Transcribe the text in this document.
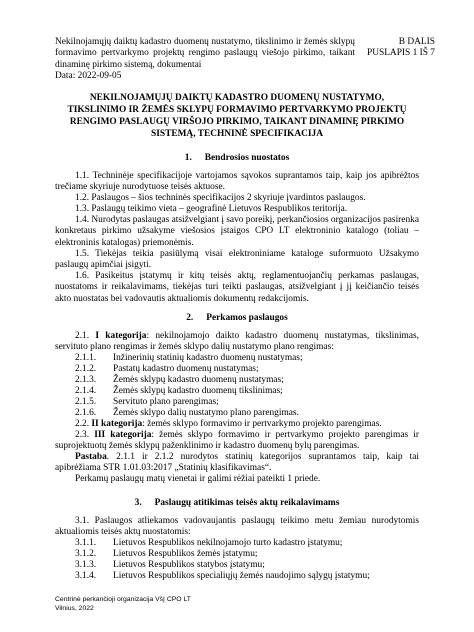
Nekilnojamųjų daiktų kadastro duomenų nustatymo, tikslinimo ir žemės sklypų formavimo pertvarkymo projektų rengimo paslaugų viešojo pirkimo, taikant dinaminę pirkimo sistemą, dokumentai
Data: 2022-09-05
B DALIS
PUSLAPIS 1 IŠ 7
NEKILNOJAMŲJŲ DAIKTŲ KADASTRO DUOMENŲ NUSTATYMO, TIKSLINIMO IR ŽEMĖS SKLYPŲ FORMAVIMO PERTVARKYMO PROJEKTŲ RENGIMO PASLAUGŲ VIRŠOJO PIRKIMO, TAIKANT DINAMINĘ PIRKIMO SISTEMĄ, TECHNINĖ SPECIFIKACIJA
1. Bendrosios nuostatos
1.1. Techninėje specifikacijoje vartojamos sąvokos suprantamos taip, kaip jos apibrėžtos trečiame skyriuje nurodytuose teisės aktuose.
1.2. Paslaugos – šios techninės specifikacijos 2 skyriuje įvardintos paslaugos.
1.3. Paslaugų teikimo vieta – geografinė Lietuvos Respublikos teritorija.
1.4. Nurodytas paslaugas atsižvelgiant į savo poreikį, perkančiosios organizacijos pasirenka konkretaus pirkimo užsakyme viešosios įstaigos CPO LT elektroninio katalogo (toliau – elektroninis katalogas) priemonėmis.
1.5. Tiekėjas teikia pasiūlymą visai elektroniniame kataloge suformuoto Užsakymo paslaugų apimčiai įsigyti.
1.6. Pasikeitus įstatymų ir kitų teisės aktų, reglamentuojančių perkamas paslaugas, nuostatoms ir reikalavimams, tiekėjas turi teikti paslaugas, atsižvelgiant į jį keičiančio teisės akto nuostatas bei vadovautis aktualiomis dokumentų redakcijomis.
2. Perkamos paslaugos
2.1. I kategorija: nekilnojamojo daikto kadastro duomenų nustatymas, tikslinimas, servituto plano rengimas ir žemės sklypo dalių nustatymo plano rengimas:
2.1.1. Inžinerinių statinių kadastro duomenų nustatymas;
2.1.2. Pastatų kadastro duomenų nustatymas;
2.1.3. Žemės sklypų kadastro duomenų nustatymas;
2.1.4. Žemės sklypų kadastro duomenų tikslinimas;
2.1.5. Servituto plano parengimas;
2.1.6. Žemės sklypo dalių nustatymo plano parengimas.
2.2. II kategorija: žemės sklypo formavimo ir pertvarkymo projekto parengimas.
2.3. III kategorija: žemės sklypo formavimo ir pertvarkymo projekto parengimas ir suprojektuotų žemės sklypų paženklinimo ir kadastro duomenų bylų parengimas.
Pastaba. 2.1.1 ir 2.1.2 nurodytos statinių kategorijos suprantamos taip, kaip tai apibrėžiama STR 1.01.03:2017 „Statinių klasifikavimas“.
Perkamų paslaugų matų vienetai ir galimi rėžiai pateikti 1 priede.
3. Paslaugų atitikimas teisės aktų reikalavimams
3.1. Paslaugos atliekamos vadovaujantis paslaugų teikimo metu žemiau nurodytomis aktualiomis teisės aktų nuostatomis:
3.1.1. Lietuvos Respublikos nekilnojamojo turto kadastro įstatymu;
3.1.2. Lietuvos Respublikos žemės įstatymu;
3.1.3. Lietuvos Respublikos statybos įstatymu;
3.1.4. Lietuvos Respublikos specialiųjų žemės naudojimo sąlygų įstatymu;
Centrinė perkančioji organizacija VšĮ CPO LT
Vilnius, 2022
